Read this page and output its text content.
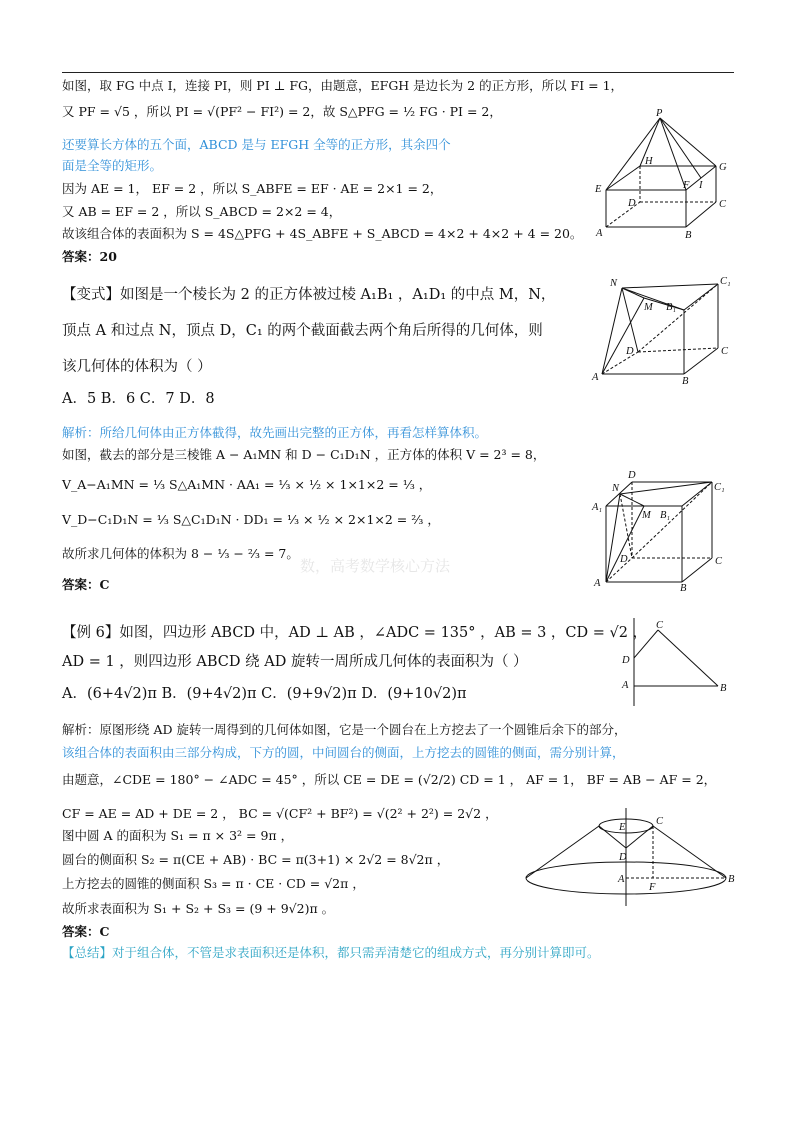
如图，取 FG 中点 I，连接 PI，则 PI ⊥ FG，由题意，EFGH 是边长为 2 的正方形，所以 FI = 1，
又 PF = √5 ，所以 PI = √(PF² − FI²) = 2，故 S△PFG = ½ FG · PI = 2，
还要算长方体的五个面，ABCD 是与 EFGH 全等的正方形，其余四个
面是全等的矩形。
因为 AE = 1， EF = 2 ，所以 S_ABFE = EF · AE = 2×1 = 2，
又 AB = EF = 2 ，所以 S_ABCD = 2×2 = 4，
故该组合体的表面积为 S = 4S△PFG + 4S_ABFE + S_ABCD = 4×2 + 4×2 + 4 = 20。
答案：20
【变式】如图是一个棱长为 2 的正方体被过棱 A₁B₁ ，A₁D₁ 的中点 M，N，
顶点 A 和过点 N，顶点 D，C₁ 的两个截面截去两个角后所得的几何体，则
该几何体的体积为（ ）
A．5 B．6 C．7 D．8
解析：所给几何体由正方体截得，故先画出完整的正方体，再看怎样算体积。
如图，截去的部分是三棱锥 A − A₁MN 和 D − C₁D₁N ，正方体的体积 V = 2³ = 8，
V_A−A₁MN = ⅓ S△A₁MN · AA₁ = ⅓ × ½ × 1×1×2 = ⅓ ，
V_D−C₁D₁N = ⅓ S△C₁D₁N · DD₁ = ⅓ × ½ × 2×1×2 = ⅔ ，
故所求几何体的体积为 8 − ⅓ − ⅔ = 7。
答案：C
数，高考数学核心方法
【例 6】如图，四边形 ABCD 中，AD ⊥ AB ，∠ADC = 135° ，AB = 3 ，CD = √2 ，
AD = 1 ，则四边形 ABCD 绕 AD 旋转一周所成几何体的表面积为（ ）
A．(6+4√2)π B．(9+4√2)π C．(9+9√2)π D．(9+10√2)π
解析：原图形绕 AD 旋转一周得到的几何体如图，它是一个圆台在上方挖去了一个圆锥后余下的部分，
该组合体的表面积由三部分构成，下方的圆，中间圆台的侧面，上方挖去的圆锥的侧面，需分别计算，
由题意，∠CDE = 180° − ∠ADC = 45° ，所以 CE = DE = (√2/2) CD = 1 ， AF = 1， BF = AB − AF = 2，
CF = AE = AD + DE = 2 ， BC = √(CF² + BF²) = √(2² + 2²) = 2√2 ，
图中圆 A 的面积为 S₁ = π × 3² = 9π ，
圆台的侧面积 S₂ = π(CE + AB) · BC = π(3+1) × 2√2 = 8√2π ，
上方挖去的圆锥的侧面积 S₃ = π · CE · CD = √2π ，
故所求表面积为 S₁ + S₂ + S₃ = (9 + 9√2)π 。
答案：C
【总结】对于组合体，不管是求表面积还是体积，都只需弄清楚它的组成方式，再分别计算即可。
P
H
G
E	F I
D	C
A	B
N	C₁
M B₁
D	C
A	B
D
N	C₁
A₁
M B₁
D	C
A	B
C
D
A	B
E
C
D
A
F
B
